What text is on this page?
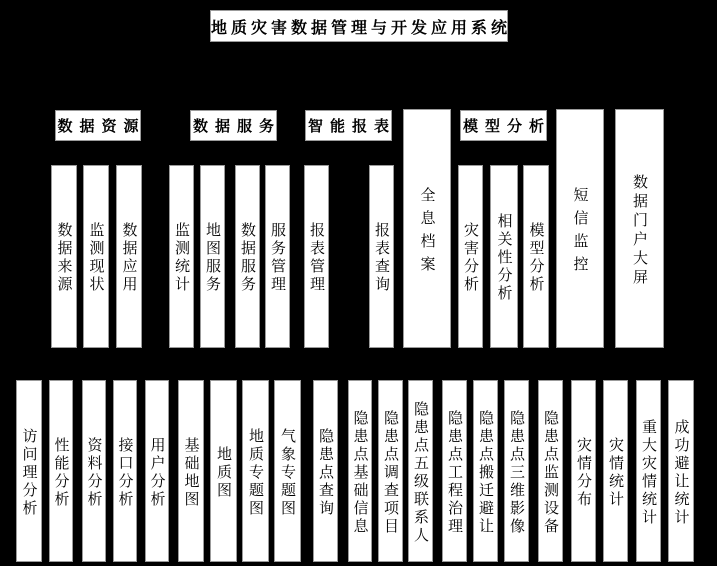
地质灾害数据管理与开发应用系统
数据资源	数据服务 智能报表	模型分析
全息档案	短信监控	数据门户大屏
数据来源 监测现状 数据应用 监测统计 地图服务 数据服务 服务管理 报表管理	报表查询	灾害分析 相关性分析 模型分析
访问理分析 性能分析 资料分析 接口分析 用户分析 基础地图 地质图 地质专题图 气象专题图 隐患点查询 隐患点基础信息 隐患点调查项目 隐患点五级联系人 隐患点工程治理 隐患点搬迁避让 隐患点三维影像 隐患点监测设备 灾情分布 灾情统计 重大灾情统计 成功避让统计
